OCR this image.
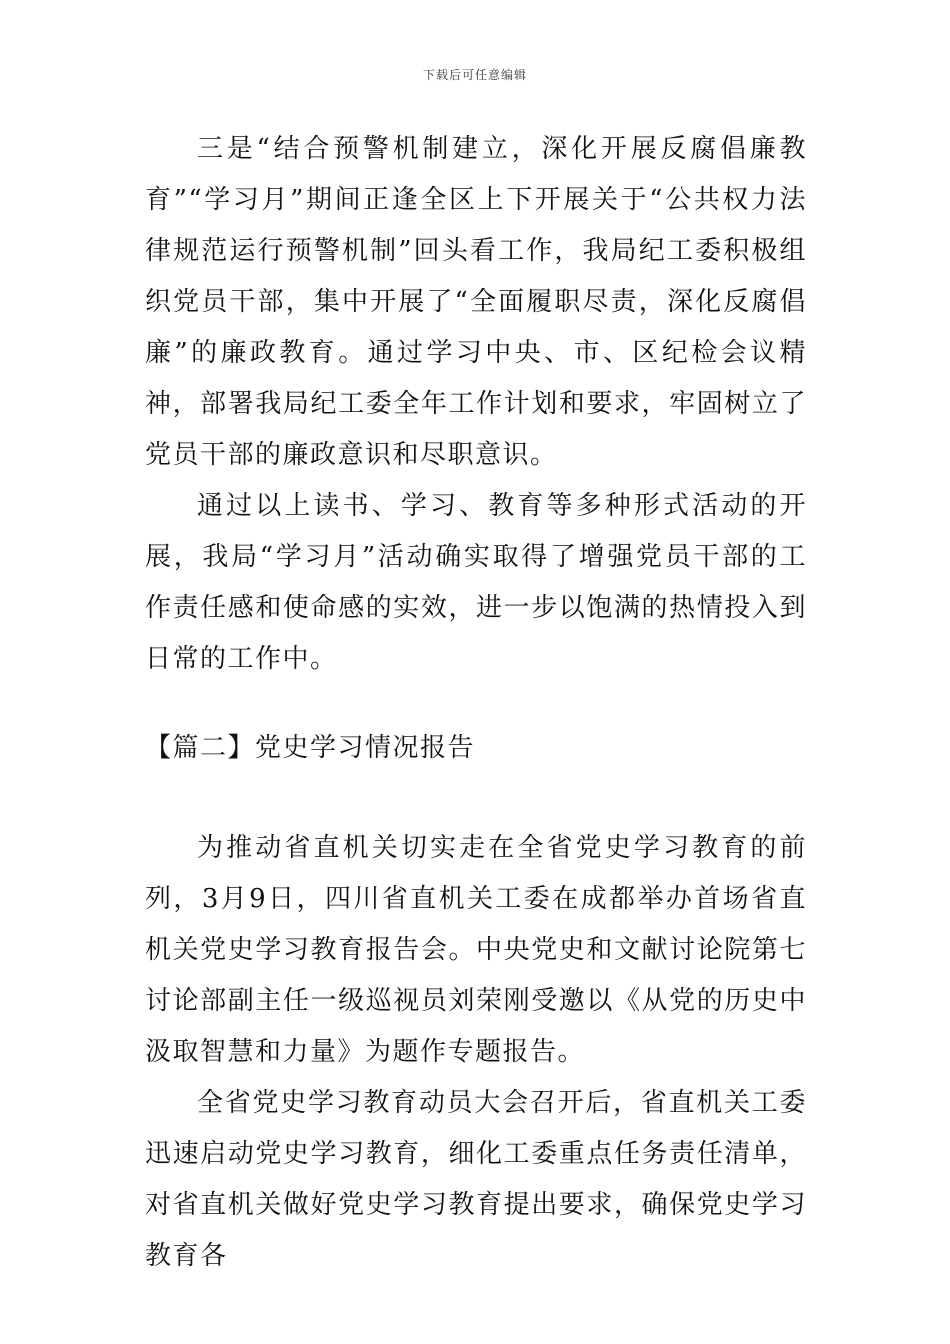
下载后可任意编辑

三是“结合预警机制建立，深化开展反腐倡廉教育”“学习月”期间正逢全区上下开展关于“公共权力法律规范运行预警机制”回头看工作，我局纪工委积极组织党员干部，集中开展了“全面履职尽责，深化反腐倡廉”的廉政教育。通过学习中央、市、区纪检会议精神，部署我局纪工委全年工作计划和要求，牢固树立了党员干部的廉政意识和尽职意识。

通过以上读书、学习、教育等多种形式活动的开展，我局“学习月”活动确实取得了增强党员干部的工作责任感和使命感的实效，进一步以饱满的热情投入到日常的工作中。

【篇二】党史学习情况报告

为推动省直机关切实走在全省党史学习教育的前列，3月9日，四川省直机关工委在成都举办首场省直机关党史学习教育报告会。中央党史和文献讨论院第七讨论部副主任一级巡视员刘荣刚受邀以《从党的历史中汲取智慧和力量》为题作专题报告。

全省党史学习教育动员大会召开后，省直机关工委迅速启动党史学习教育，细化工委重点任务责任清单，对省直机关做好党史学习教育提出要求，确保党史学习教育各
